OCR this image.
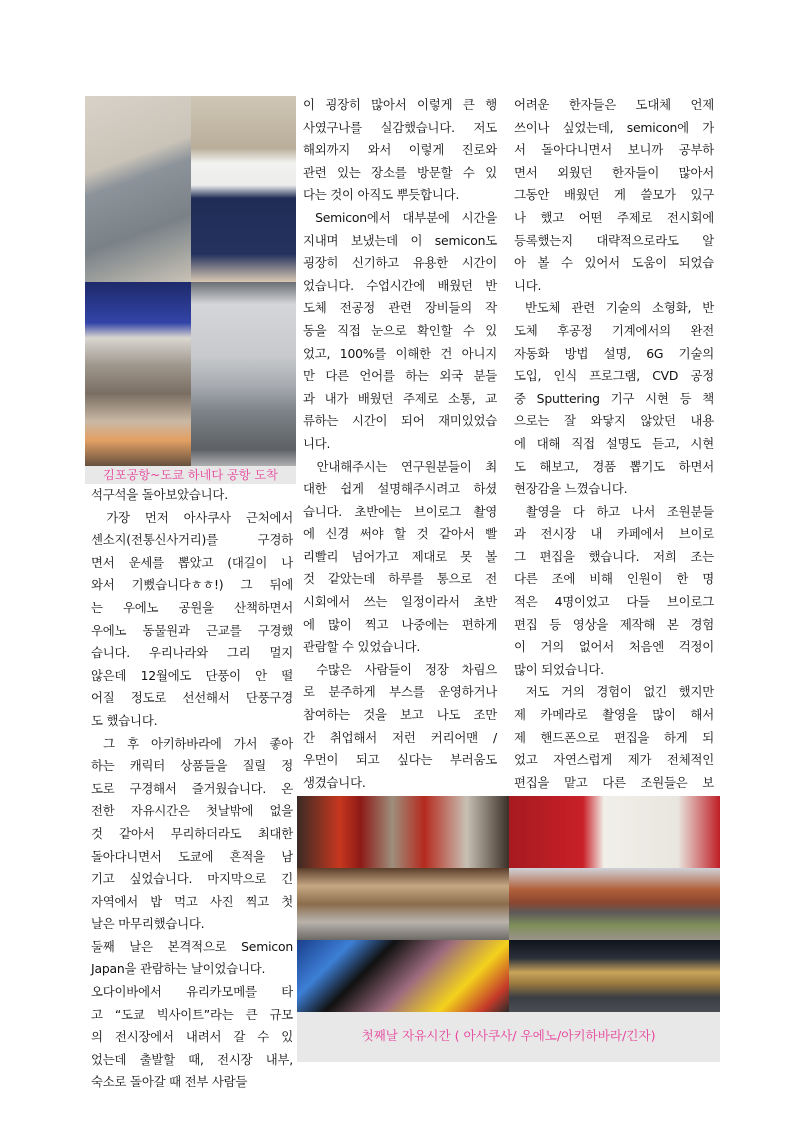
김포공항~도쿄 하네다 공항 도착
석구석을 돌아보았습니다.
가장 먼저 아사쿠사 근처에서
센소지(전통신사거리)를 구경하
면서 운세를 뽑았고 (대길이 나
와서 기뻤습니다ㅎㅎ!) 그 뒤에
는 우에노 공원을 산책하면서
우에노 동물원과 근교를 구경했
습니다. 우리나라와 그리 멀지
않은데 12월에도 단풍이 안 떨
어질 정도로 선선해서 단풍구경
도 했습니다.
그 후 아키하바라에 가서 좋아
하는 캐릭터 상품들을 질릴 정
도로 구경해서 즐거웠습니다. 온
전한 자유시간은 첫날밖에 없을
것 같아서 무리하더라도 최대한
돌아다니면서 도쿄에 흔적을 남
기고 싶었습니다. 마지막으로 긴
자역에서 밥 먹고 사진 찍고 첫
날은 마무리했습니다.
둘째 날은 본격적으로 Semicon
Japan을 관람하는 날이었습니다.
오다이바에서 유리카모메를 타
고 “도쿄 빅사이트”라는 큰 규모
의 전시장에서 내려서 갈 수 있
었는데 출발할 때, 전시장 내부,
숙소로 돌아갈 때 전부 사람들
이 굉장히 많아서 이렇게 큰 행
사였구나를 실감했습니다. 저도
해외까지 와서 이렇게 진로와
관련 있는 장소를 방문할 수 있
다는 것이 아직도 뿌듯합니다.
Semicon에서 대부분에 시간을
지내며 보냈는데 이 semicon도
굉장히 신기하고 유용한 시간이
었습니다. 수업시간에 배웠던 반
도체 전공정 관련 장비들의 작
동을 직접 눈으로 확인할 수 있
었고, 100%를 이해한 건 아니지
만 다른 언어를 하는 외국 분들
과 내가 배웠던 주제로 소통, 교
류하는 시간이 되어 재미있었습
니다.
안내해주시는 연구원분들이 최
대한 쉽게 설명해주시려고 하셨
습니다. 초반에는 브이로그 촬영
에 신경 써야 할 것 같아서 빨
리빨리 넘어가고 제대로 못 볼
것 같았는데 하루를 통으로 전
시회에서 쓰는 일정이라서 초반
에 많이 찍고 나중에는 편하게
관람할 수 있었습니다.
수많은 사람들이 정장 차림으
로 분주하게 부스를 운영하거나
참여하는 것을 보고 나도 조만
간 취업해서 저런 커리어맨 /
우먼이 되고 싶다는 부러움도
생겼습니다.
어려운 한자들은 도대체 언제
쓰이나 싶었는데, semicon에 가
서 돌아다니면서 보니까 공부하
면서 외웠던 한자들이 많아서
그동안 배웠던 게 쓸모가 있구
나 했고 어떤 주제로 전시회에
등록했는지 대략적으로라도 알
아 볼 수 있어서 도움이 되었습
니다.
반도체 관련 기술의 소형화, 반
도체 후공정 기계에서의 완전
자동화 방법 설명, 6G 기술의
도입, 인식 프로그램, CVD 공정
중 Sputtering 기구 시현 등 책
으로는 잘 와닿지 않았던 내용
에 대해 직접 설명도 듣고, 시현
도 해보고, 경품 뽑기도 하면서
현장감을 느꼈습니다.
촬영을 다 하고 나서 조원분들
과 전시장 내 카페에서 브이로
그 편집을 했습니다. 저희 조는
다른 조에 비해 인원이 한 명
적은 4명이었고 다들 브이로그
편집 등 영상을 제작해 본 경험
이 거의 없어서 처음엔 걱정이
많이 되었습니다.
저도 거의 경험이 없긴 했지만
제 카메라로 촬영을 많이 해서
제 핸드폰으로 편집을 하게 되
었고 자연스럽게 제가 전체적인
편집을 맡고 다른 조원들은 보
첫째날 자유시간 ( 아사쿠사/ 우에노/아키하바라/긴자)
